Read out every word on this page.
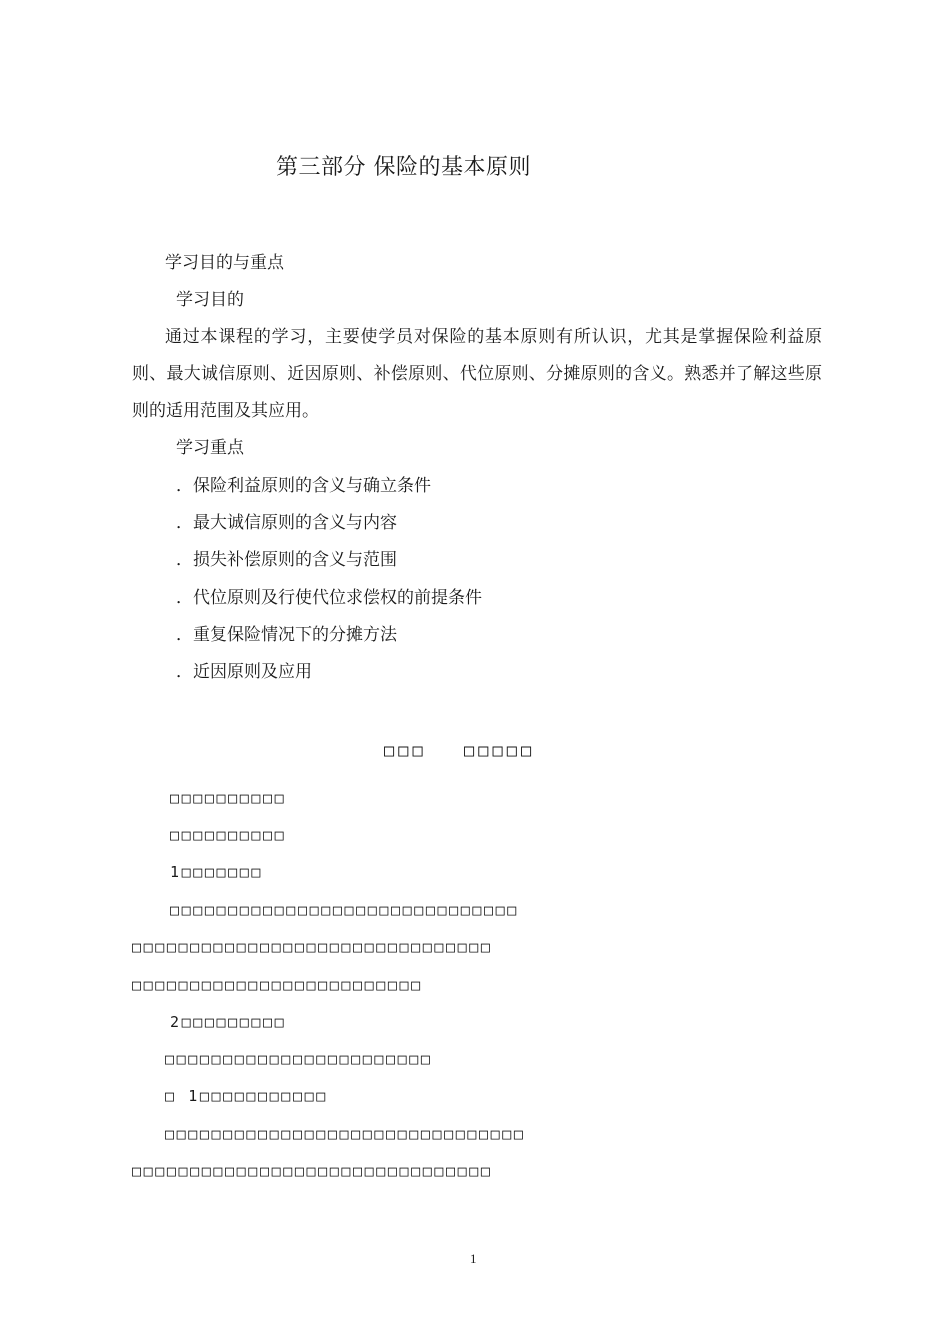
第三部分 保险的基本原则
学习目的与重点
学习目的
通过本课程的学习，主要使学员对保险的基本原则有所认识，尤其是掌握保险利益原则、最大诚信原则、近因原则、补偿原则、代位原则、分摊原则的含义。熟悉并了解这些原则的适用范围及其应用。
学习重点
．保险利益原则的含义与确立条件
．最大诚信原则的含义与内容
．损失补偿原则的含义与范围
．代位原则及行使代位求偿权的前提条件
．重复保险情况下的分摊方法
．近因原则及应用
□□□ □□□□□
□□□□□□□□□□
□□□□□□□□□□
1□□□□□□□
□□□□□□□□□□□□□□□□□□□□□□□□□□□□□□
□□□□□□□□□□□□□□□□□□□□□□□□□□□□□□□
□□□□□□□□□□□□□□□□□□□□□□□□□
2□□□□□□□□□
□□□□□□□□□□□□□□□□□□□□□□□
□ 1□□□□□□□□□□□
□□□□□□□□□□□□□□□□□□□□□□□□□□□□□□□
□□□□□□□□□□□□□□□□□□□□□□□□□□□□□□□
1
